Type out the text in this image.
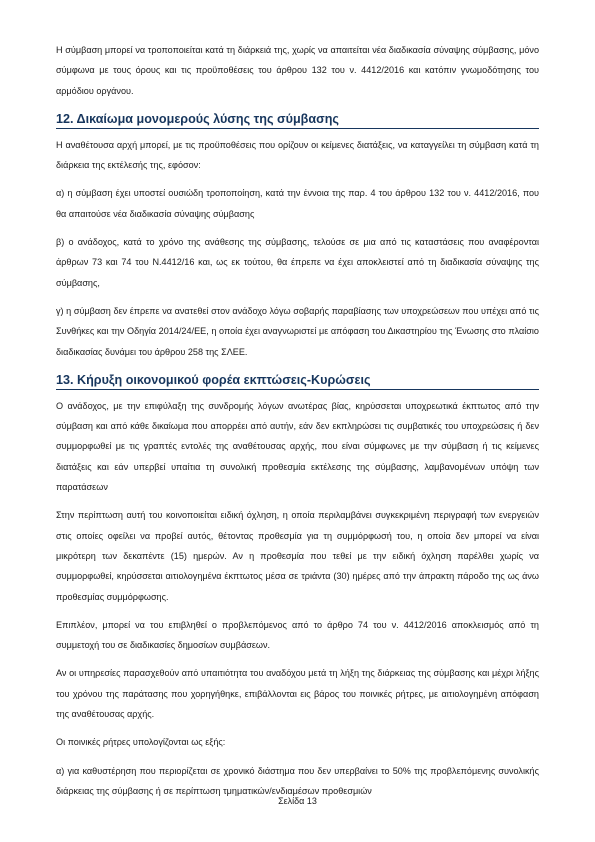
Η σύμβαση μπορεί να τροποποιείται κατά τη διάρκειά της, χωρίς να απαιτείται νέα διαδικασία σύναψης σύμβασης, μόνο σύμφωνα με τους όρους και τις προϋποθέσεις του άρθρου 132 του ν. 4412/2016 και κατόπιν γνωμοδότησης του αρμόδιου οργάνου.

12. Δικαίωμα μονομερούς λύσης της σύμβασης

Η αναθέτουσα αρχή μπορεί, με τις προϋποθέσεις που ορίζουν οι κείμενες διατάξεις, να καταγγείλει τη σύμβαση κατά τη διάρκεια της εκτέλεσής της, εφόσον:

α) η σύμβαση έχει υποστεί ουσιώδη τροποποίηση, κατά την έννοια της παρ. 4 του άρθρου 132 του ν. 4412/2016, που θα απαιτούσε νέα διαδικασία σύναψης σύμβασης

β) ο ανάδοχος, κατά το χρόνο της ανάθεσης της σύμβασης, τελούσε σε μια από τις καταστάσεις που αναφέρονται άρθρων 73 και 74 του Ν.4412/16 και, ως εκ τούτου, θα έπρεπε να έχει αποκλειστεί από τη διαδικασία σύναψης της σύμβασης,

γ) η σύμβαση δεν έπρεπε να ανατεθεί στον ανάδοχο λόγω σοβαρής παραβίασης των υποχρεώσεων που υπέχει από τις Συνθήκες και την Οδηγία 2014/24/ΕΕ, η οποία έχει αναγνωριστεί με απόφαση του Δικαστηρίου της Ένωσης στο πλαίσιο διαδικασίας δυνάμει του άρθρου 258 της ΣΛΕΕ.

13. Κήρυξη οικονομικού φορέα εκπτώσεις-Κυρώσεις

Ο ανάδοχος, με την επιφύλαξη της συνδρομής λόγων ανωτέρας βίας, κηρύσσεται υποχρεωτικά έκπτωτος από την σύμβαση και από κάθε δικαίωμα που απορρέει από αυτήν, εάν δεν εκπληρώσει τις συμβατικές του υποχρεώσεις ή δεν συμμορφωθεί με τις γραπτές εντολές της αναθέτουσας αρχής, που είναι σύμφωνες με την σύμβαση ή τις κείμενες διατάξεις και εάν υπερβεί υπαίτια τη συνολική προθεσμία εκτέλεσης της σύμβασης, λαμβανομένων υπόψη των παρατάσεων

Στην περίπτωση αυτή του κοινοποιείται ειδική όχληση, η οποία περιλαμβάνει συγκεκριμένη περιγραφή των ενεργειών στις οποίες οφείλει να προβεί αυτός, θέτοντας προθεσμία για τη συμμόρφωσή του, η οποία δεν μπορεί να είναι μικρότερη των δεκαπέντε (15) ημερών. Αν η προθεσμία που τεθεί με την ειδική όχληση παρέλθει χωρίς να συμμορφωθεί, κηρύσσεται αιτιολογημένα έκπτωτος μέσα σε τριάντα (30) ημέρες από την άπρακτη πάροδο της ως άνω προθεσμίας συμμόρφωσης.

Επιπλέον, μπορεί να του επιβληθεί ο προβλεπόμενος από το άρθρο 74 του ν. 4412/2016 αποκλεισμός από τη συμμετοχή του σε διαδικασίες δημοσίων συμβάσεων.

Αν οι υπηρεσίες παρασχεθούν από υπαιτιότητα του αναδόχου μετά τη λήξη της διάρκειας της σύμβασης και μέχρι λήξης του χρόνου της παράτασης που χορηγήθηκε, επιβάλλονται εις βάρος του ποινικές ρήτρες, με αιτιολογημένη απόφαση της αναθέτουσας αρχής.

Οι ποινικές ρήτρες υπολογίζονται ως εξής:

α) για καθυστέρηση που περιορίζεται σε χρονικό διάστημα που δεν υπερβαίνει το 50% της προβλεπόμενης συνολικής διάρκειας της σύμβασης ή σε περίπτωση τμηματικών/ενδιαμέσων προθεσμιών

Σελίδα 13
